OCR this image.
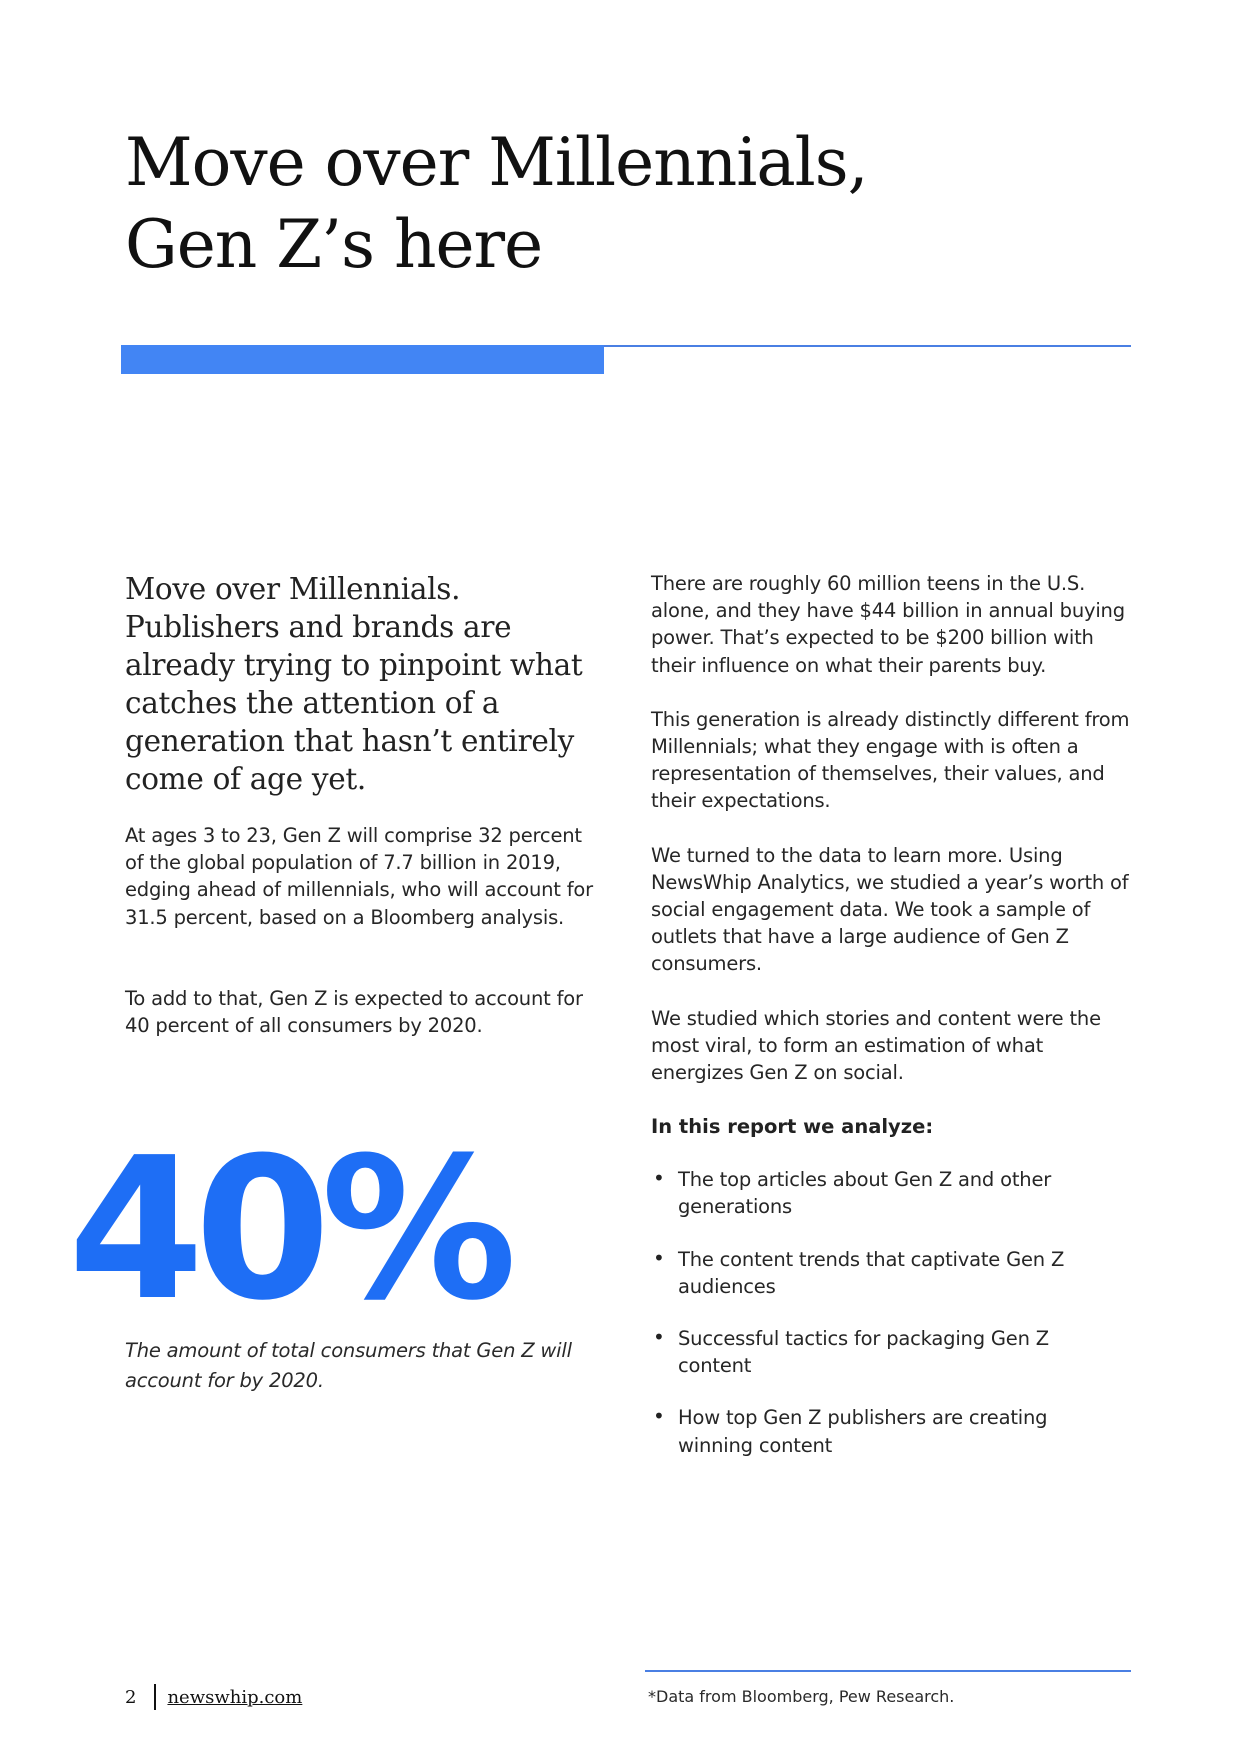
Move over Millennials,
Gen Z’s here

Move over Millennials. Publishers and brands are already trying to pinpoint what catches the attention of a generation that hasn’t entirely come of age yet.

At ages 3 to 23, Gen Z will comprise 32 percent of the global population of 7.7 billion in 2019, edging ahead of millennials, who will account for 31.5 percent, based on a Bloomberg analysis.

To add to that, Gen Z is expected to account for 40 percent of all consumers by 2020.

40%

The amount of total consumers that Gen Z will account for by 2020.

There are roughly 60 million teens in the U.S. alone, and they have $44 billion in annual buying power. That’s expected to be $200 billion with their influence on what their parents buy.

This generation is already distinctly different from Millennials; what they engage with is often a representation of themselves, their values, and their expectations.

We turned to the data to learn more. Using NewsWhip Analytics, we studied a year’s worth of social engagement data. We took a sample of outlets that have a large audience of Gen Z consumers.

We studied which stories and content were the most viral, to form an estimation of what energizes Gen Z on social.

In this report we analyze:
• The top articles about Gen Z and other generations
• The content trends that captivate Gen Z audiences
• Successful tactics for packaging Gen Z content
• How top Gen Z publishers are creating winning content
2 newswhip.com	*Data from Bloomberg, Pew Research.
